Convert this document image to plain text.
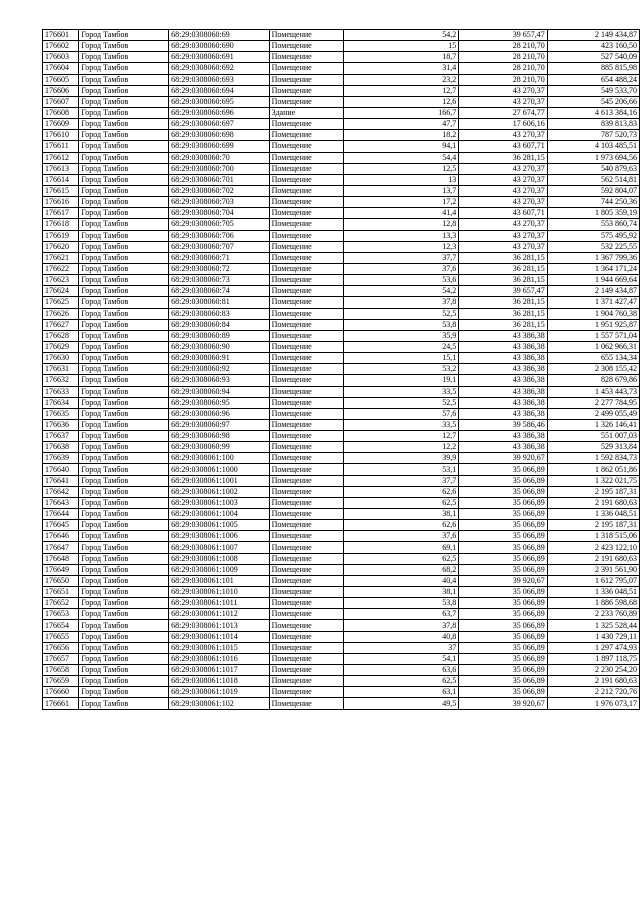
176601	Город Тамбов	68:29:0308060:69	Помещение	54,2	39 657,47	2 149 434,87
176602	Город Тамбов	68:29:0308060:690	Помещение	15	28 210,70	423 160,50
176603	Город Тамбов	68:29:0308060:691	Помещение	18,7	28 210,70	527 540,09
176604	Город Тамбов	68:29:0308060:692	Помещение	31,4	28 210,70	885 815,98
176605	Город Тамбов	68:29:0308060:693	Помещение	23,2	28 210,70	654 488,24
176606	Город Тамбов	68:29:0308060:694	Помещение	12,7	43 270,37	549 533,70
176607	Город Тамбов	68:29:0308060:695	Помещение	12,6	43 270,37	545 206,66
176608	Город Тамбов	68:29:0308060:696	Здание	166,7	27 674,77	4 613 384,16
176609	Город Тамбов	68:29:0308060:697	Помещение	47,7	17 606,16	839 813,83
176610	Город Тамбов	68:29:0308060:698	Помещение	18,2	43 270,37	787 520,73
176611	Город Тамбов	68:29:0308060:699	Помещение	94,1	43 607,71	4 103 485,51
176612	Город Тамбов	68:29:0308060:70	Помещение	54,4	36 281,15	1 973 694,56
176613	Город Тамбов	68:29:0308060:700	Помещение	12,5	43 270,37	540 879,63
176614	Город Тамбов	68:29:0308060:701	Помещение	13	43 270,37	562 514,81
176615	Город Тамбов	68:29:0308060:702	Помещение	13,7	43 270,37	592 804,07
176616	Город Тамбов	68:29:0308060:703	Помещение	17,2	43 270,37	744 250,36
176617	Город Тамбов	68:29:0308060:704	Помещение	41,4	43 607,71	1 805 359,19
176618	Город Тамбов	68:29:0308060:705	Помещение	12,8	43 270,37	553 860,74
176619	Город Тамбов	68:29:0308060:706	Помещение	13,3	43 270,37	575 495,92
176620	Город Тамбов	68:29:0308060:707	Помещение	12,3	43 270,37	532 225,55
176621	Город Тамбов	68:29:0308060:71	Помещение	37,7	36 281,15	1 367 799,36
176622	Город Тамбов	68:29:0308060:72	Помещение	37,6	36 281,15	1 364 171,24
176623	Город Тамбов	68:29:0308060:73	Помещение	53,6	36 281,15	1 944 669,64
176624	Город Тамбов	68:29:0308060:74	Помещение	54,2	39 657,47	2 149 434,87
176625	Город Тамбов	68:29:0308060:81	Помещение	37,8	36 281,15	1 371 427,47
176626	Город Тамбов	68:29:0308060:83	Помещение	52,5	36 281,15	1 904 760,38
176627	Город Тамбов	68:29:0308060:84	Помещение	53,8	36 281,15	1 951 925,87
176628	Город Тамбов	68:29:0308060:89	Помещение	35,9	43 386,38	1 557 571,04
176629	Город Тамбов	68:29:0308060:90	Помещение	24,5	43 386,38	1 062 966,31
176630	Город Тамбов	68:29:0308060:91	Помещение	15,1	43 386,38	655 134,34
176631	Город Тамбов	68:29:0308060:92	Помещение	53,2	43 386,38	2 308 155,42
176632	Город Тамбов	68:29:0308060:93	Помещение	19,1	43 386,38	828 679,86
176633	Город Тамбов	68:29:0308060:94	Помещение	33,5	43 386,38	1 453 443,73
176634	Город Тамбов	68:29:0308060:95	Помещение	52,5	43 386,38	2 277 784,95
176635	Город Тамбов	68:29:0308060:96	Помещение	57,6	43 386,38	2 499 055,49
176636	Город Тамбов	68:29:0308060:97	Помещение	33,5	39 586,46	1 326 146,41
176637	Город Тамбов	68:29:0308060:98	Помещение	12,7	43 386,38	551 007,03
176638	Город Тамбов	68:29:0308060:99	Помещение	12,2	43 386,38	529 313,84
176639	Город Тамбов	68:29:0308061:100	Помещение	39,9	39 920,67	1 592 834,73
176640	Город Тамбов	68:29:0308061:1000	Помещение	53,1	35 066,89	1 862 051,86
176641	Город Тамбов	68:29:0308061:1001	Помещение	37,7	35 066,89	1 322 021,75
176642	Город Тамбов	68:29:0308061:1002	Помещение	62,6	35 066,89	2 195 187,31
176643	Город Тамбов	68:29:0308061:1003	Помещение	62,5	35 066,89	2 191 680,63
176644	Город Тамбов	68:29:0308061:1004	Помещение	38,1	35 066,89	1 336 048,51
176645	Город Тамбов	68:29:0308061:1005	Помещение	62,6	35 066,89	2 195 187,31
176646	Город Тамбов	68:29:0308061:1006	Помещение	37,6	35 066,89	1 318 515,06
176647	Город Тамбов	68:29:0308061:1007	Помещение	69,1	35 066,89	2 423 122,10
176648	Город Тамбов	68:29:0308061:1008	Помещение	62,5	35 066,89	2 191 680,63
176649	Город Тамбов	68:29:0308061:1009	Помещение	68,2	35 066,89	2 391 561,90
176650	Город Тамбов	68:29:0308061:101	Помещение	40,4	39 920,67	1 612 795,07
176651	Город Тамбов	68:29:0308061:1010	Помещение	38,1	35 066,89	1 336 048,51
176652	Город Тамбов	68:29:0308061:1011	Помещение	53,8	35 066,89	1 886 598,68
176653	Город Тамбов	68:29:0308061:1012	Помещение	63,7	35 066,89	2 233 760,89
176654	Город Тамбов	68:29:0308061:1013	Помещение	37,8	35 066,89	1 325 528,44
176655	Город Тамбов	68:29:0308061:1014	Помещение	40,8	35 066,89	1 430 729,11
176656	Город Тамбов	68:29:0308061:1015	Помещение	37	35 066,89	1 297 474,93
176657	Город Тамбов	68:29:0308061:1016	Помещение	54,1	35 066,89	1 897 118,75
176658	Город Тамбов	68:29:0308061:1017	Помещение	63,6	35 066,89	2 230 254,20
176659	Город Тамбов	68:29:0308061:1018	Помещение	62,5	35 066,89	2 191 680,63
176660	Город Тамбов	68:29:0308061:1019	Помещение	63,1	35 066,89	2 212 720,76
176661	Город Тамбов	68:29:0308061:102	Помещение	49,5	39 920,67	1 976 073,17
